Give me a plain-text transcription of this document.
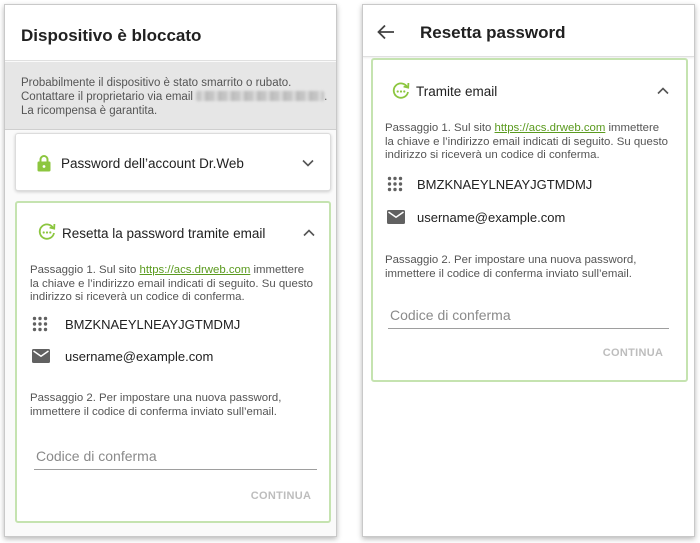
Dispositivo è bloccato
Probabilmente il dispositivo è stato smarrito o rubato.
Contattare il proprietario via email	.
La ricompensa è garantita.
Password dell’account Dr.Web
Resetta la password tramite email
Passaggio 1. Sul sito https://acs.drweb.com immettere
la chiave e l’indirizzo email indicati di seguito. Su questo
indirizzo si riceverà un codice di conferma.
BMZKNAEYLNEAYJGTMDMJ
username@example.com
Passaggio 2. Per impostare una nuova password,
immettere il codice di conferma inviato sull’email.
Codice di conferma
CONTINUA
Resetta password
Tramite email
Passaggio 1. Sul sito https://acs.drweb.com immettere
la chiave e l’indirizzo email indicati di seguito. Su questo
indirizzo si riceverà un codice di conferma.
BMZKNAEYLNEAYJGTMDMJ
username@example.com
Passaggio 2. Per impostare una nuova password,
immettere il codice di conferma inviato sull’email.
Codice di conferma
CONTINUA
